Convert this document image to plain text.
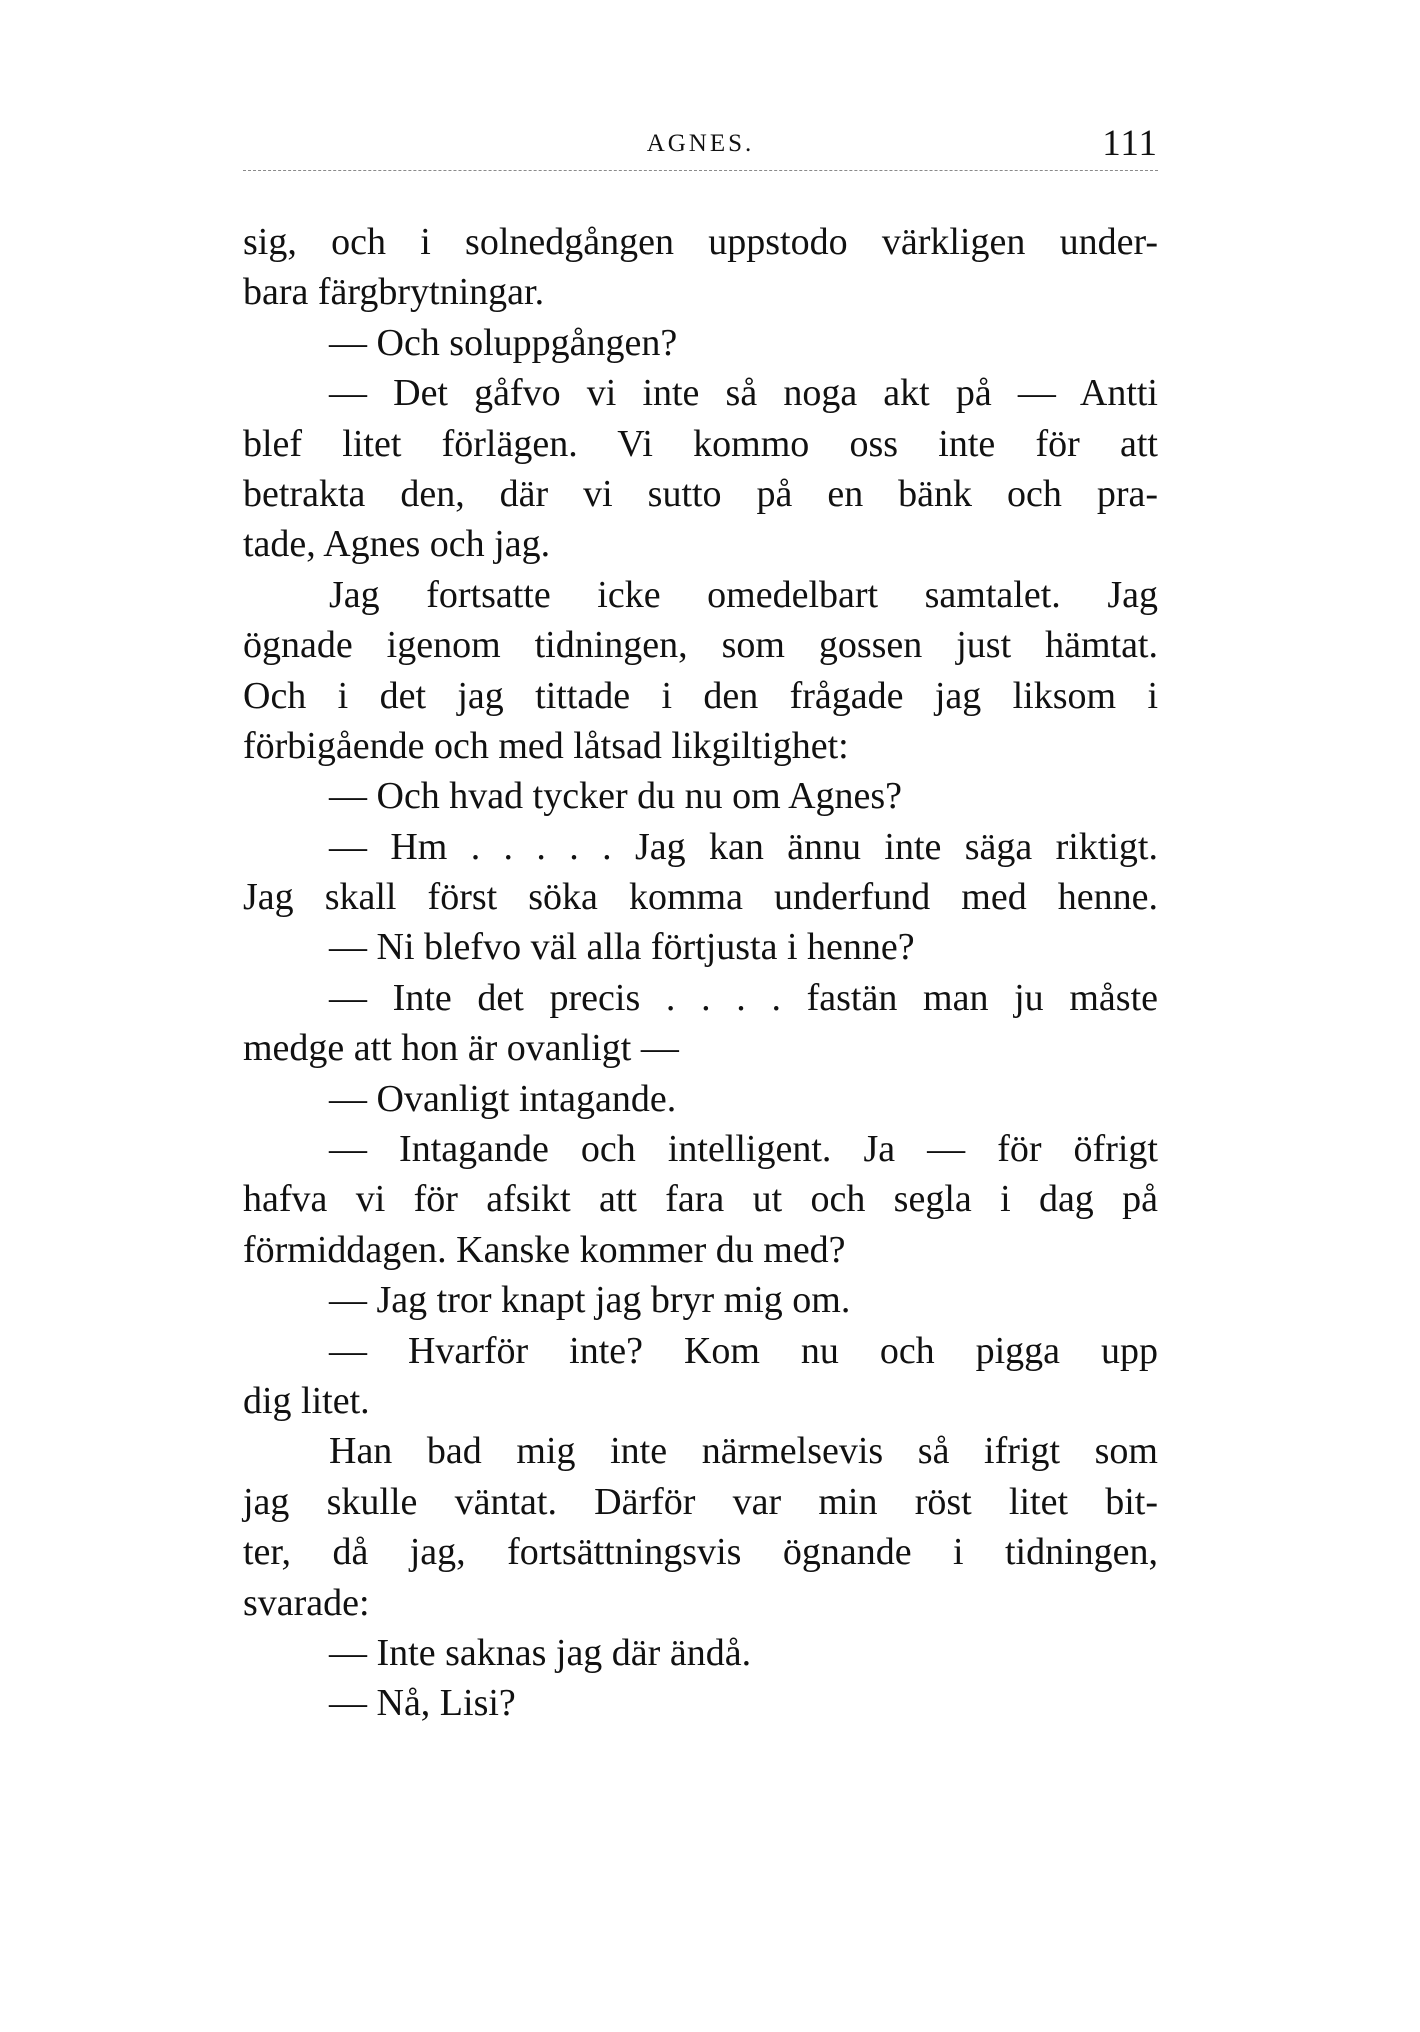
AGNES.	111
sig, och i solnedgången uppstodo värkligen under-
bara färgbrytningar.
— Och soluppgången?
— Det gåfvo vi inte så noga akt på — Antti
blef litet förlägen. Vi kommo oss inte för att
betrakta den, där vi sutto på en bänk och pra-
tade, Agnes och jag.
Jag fortsatte icke omedelbart samtalet. Jag
ögnade igenom tidningen, som gossen just hämtat.
Och i det jag tittade i den frågade jag liksom i
förbigående och med låtsad likgiltighet:
— Och hvad tycker du nu om Agnes?
— Hm . . . . . Jag kan ännu inte säga riktigt.
Jag skall först söka komma underfund med henne.
— Ni blefvo väl alla förtjusta i henne?
— Inte det precis . . . . fastän man ju måste
medge att hon är ovanligt —
— Ovanligt intagande.
— Intagande och intelligent. Ja — för öfrigt
hafva vi för afsikt att fara ut och segla i dag på
förmiddagen. Kanske kommer du med?
— Jag tror knapt jag bryr mig om.
— Hvarför inte? Kom nu och pigga upp
dig litet.
Han bad mig inte närmelsevis så ifrigt som
jag skulle väntat. Därför var min röst litet bit-
ter, då jag, fortsättningsvis ögnande i tidningen,
svarade:
— Inte saknas jag där ändå.
— Nå, Lisi?
